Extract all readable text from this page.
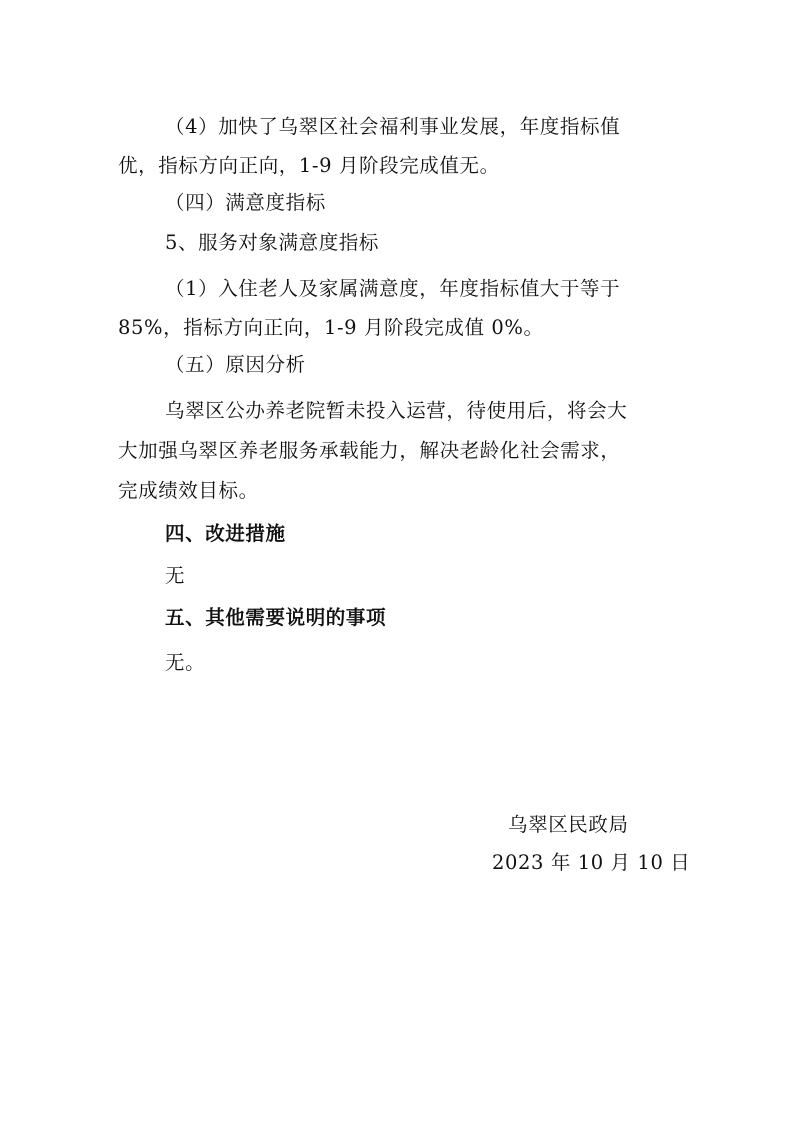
（4）加快了乌翠区社会福利事业发展，年度指标值
优，指标方向正向，1-9 月阶段完成值无。
（四）满意度指标
5、服务对象满意度指标
（1）入住老人及家属满意度，年度指标值大于等于
85%，指标方向正向，1-9 月阶段完成值 0%。
（五）原因分析
乌翠区公办养老院暂未投入运营，待使用后，将会大
大加强乌翠区养老服务承载能力，解决老龄化社会需求，
完成绩效目标。
四、改进措施
无
五、其他需要说明的事项
无。
乌翠区民政局
2023 年 10 月 10 日
